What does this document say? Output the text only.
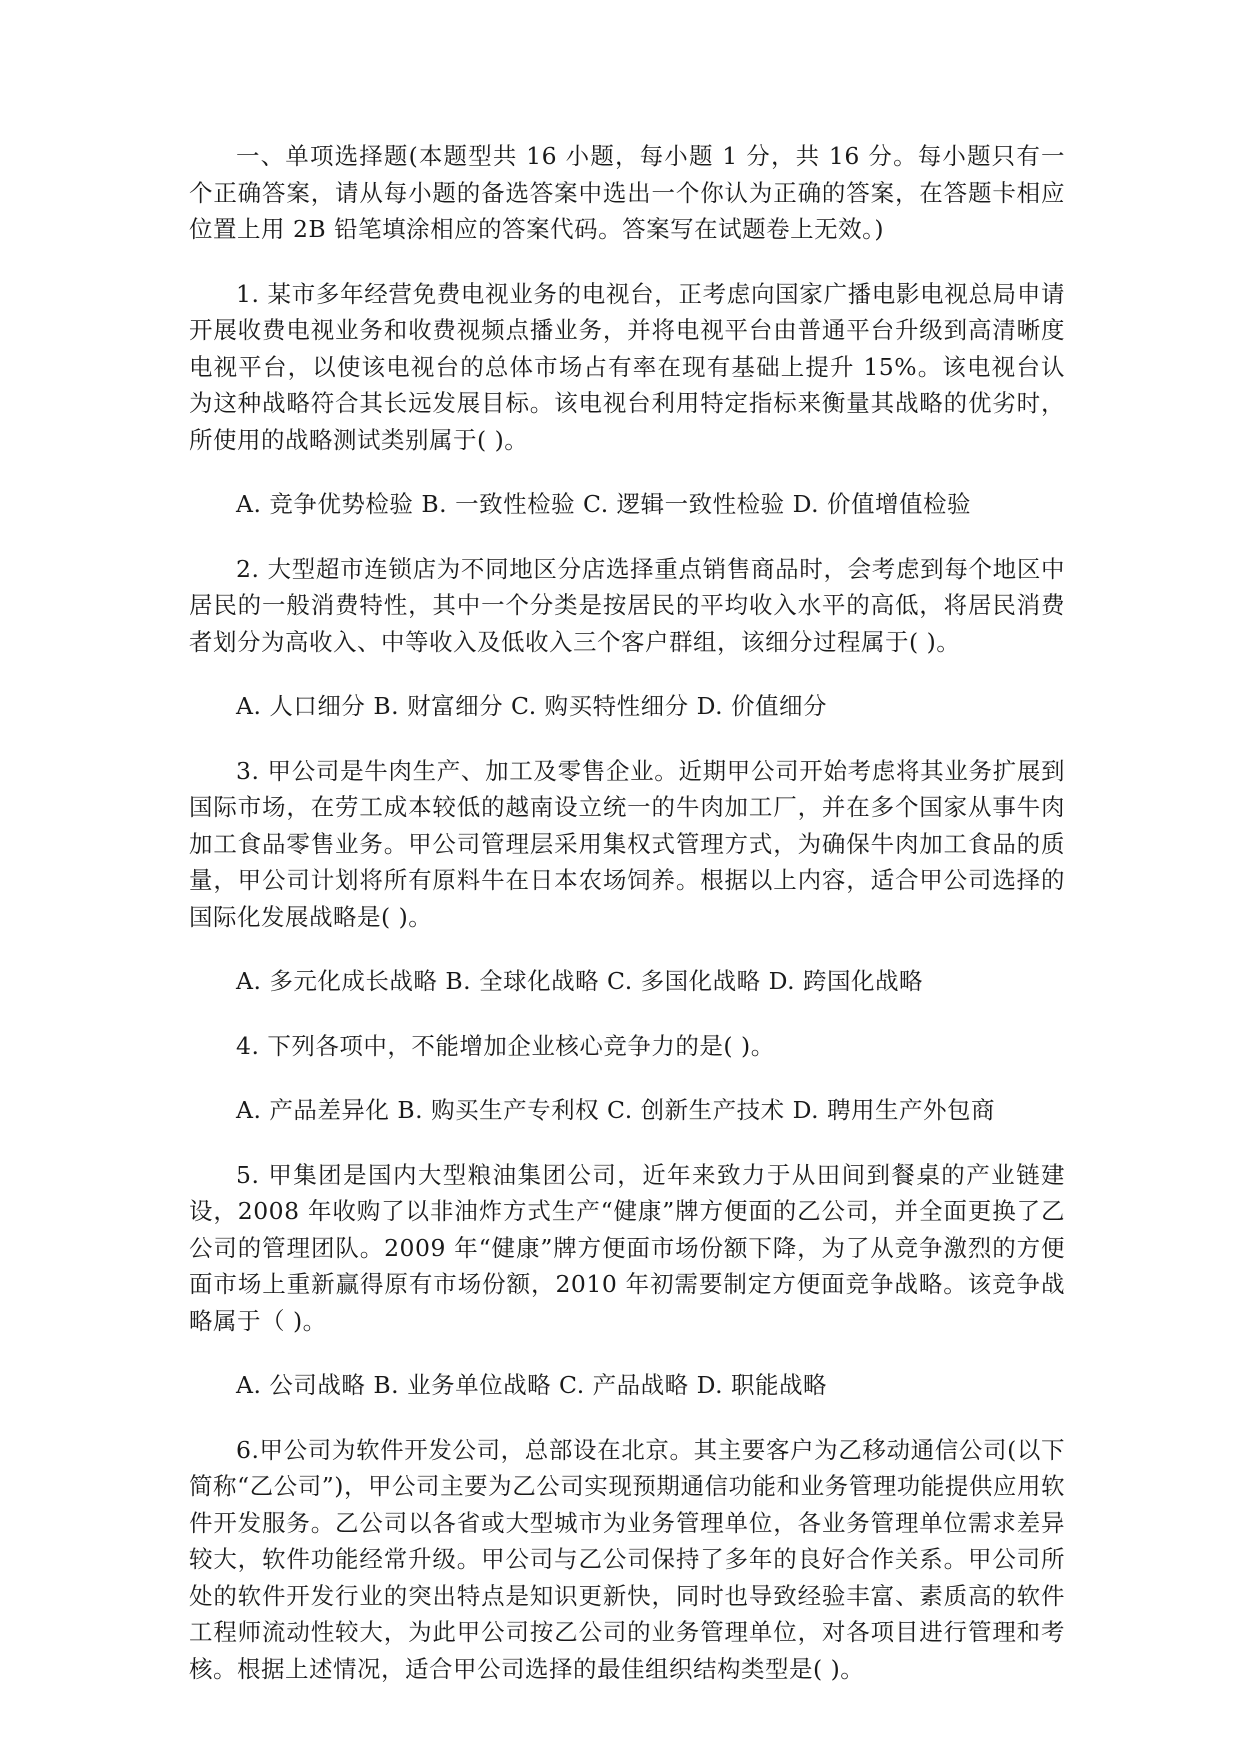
一、单项选择题(本题型共 16 小题，每小题 1 分，共 16 分。每小题只有一个正确答案，请从每小题的备选答案中选出一个你认为正确的答案，在答题卡相应位置上用 2B 铅笔填涂相应的答案代码。答案写在试题卷上无效。)

1. 某市多年经营免费电视业务的电视台，正考虑向国家广播电影电视总局申请开展收费电视业务和收费视频点播业务，并将电视平台由普通平台升级到高清晰度电视平台，以使该电视台的总体市场占有率在现有基础上提升 15%。该电视台认为这种战略符合其长远发展目标。该电视台利用特定指标来衡量其战略的优劣时，所使用的战略测试类别属于( )。

A. 竞争优势检验 B. 一致性检验 C. 逻辑一致性检验 D. 价值增值检验

2. 大型超市连锁店为不同地区分店选择重点销售商品时，会考虑到每个地区中居民的一般消费特性，其中一个分类是按居民的平均收入水平的高低，将居民消费者划分为高收入、中等收入及低收入三个客户群组，该细分过程属于( )。

A. 人口细分 B. 财富细分 C. 购买特性细分 D. 价值细分

3. 甲公司是牛肉生产、加工及零售企业。近期甲公司开始考虑将其业务扩展到国际市场，在劳工成本较低的越南设立统一的牛肉加工厂，并在多个国家从事牛肉加工食品零售业务。甲公司管理层采用集权式管理方式，为确保牛肉加工食品的质量，甲公司计划将所有原料牛在日本农场饲养。根据以上内容，适合甲公司选择的国际化发展战略是( )。

A. 多元化成长战略 B. 全球化战略 C. 多国化战略 D. 跨国化战略

4. 下列各项中，不能增加企业核心竞争力的是( )。

A. 产品差异化 B. 购买生产专利权 C. 创新生产技术 D. 聘用生产外包商

5. 甲集团是国内大型粮油集团公司，近年来致力于从田间到餐桌的产业链建设，2008 年收购了以非油炸方式生产“健康”牌方便面的乙公司，并全面更换了乙公司的管理团队。2009 年“健康”牌方便面市场份额下降，为了从竞争激烈的方便面市场上重新赢得原有市场份额，2010 年初需要制定方便面竞争战略。该竞争战略属于（ )。

A. 公司战略 B. 业务单位战略 C. 产品战略 D. 职能战略

6.甲公司为软件开发公司，总部设在北京。其主要客户为乙移动通信公司(以下简称“乙公司”)，甲公司主要为乙公司实现预期通信功能和业务管理功能提供应用软件开发服务。乙公司以各省或大型城市为业务管理单位，各业务管理单位需求差异较大，软件功能经常升级。甲公司与乙公司保持了多年的良好合作关系。甲公司所处的软件开发行业的突出特点是知识更新快，同时也导致经验丰富、素质高的软件工程师流动性较大，为此甲公司按乙公司的业务管理单位，对各项目进行管理和考核。根据上述情况，适合甲公司选择的最佳组织结构类型是( )。
